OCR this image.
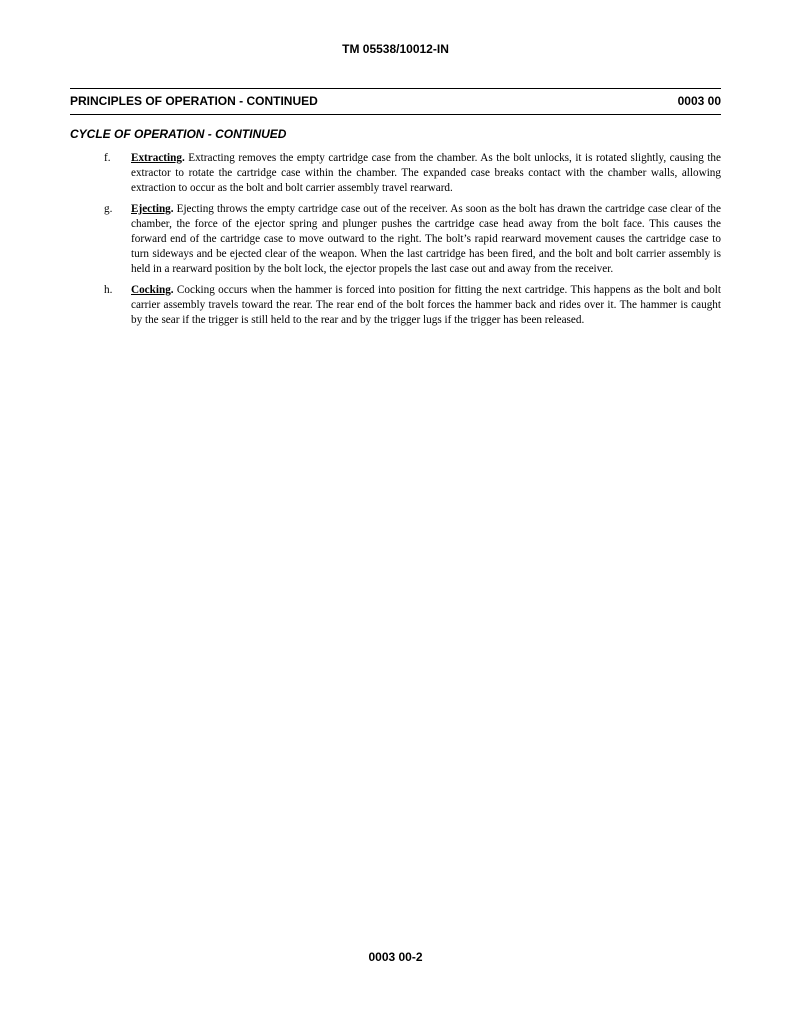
TM 05538/10012-IN
PRINCIPLES OF OPERATION - CONTINUED	0003 00
CYCLE OF OPERATION - CONTINUED
f. Extracting. Extracting removes the empty cartridge case from the chamber. As the bolt unlocks, it is rotated slightly, causing the extractor to rotate the cartridge case within the chamber. The expanded case breaks contact with the chamber walls, allowing extraction to occur as the bolt and bolt carrier assembly travel rearward.
g. Ejecting. Ejecting throws the empty cartridge case out of the receiver. As soon as the bolt has drawn the cartridge case clear of the chamber, the force of the ejector spring and plunger pushes the cartridge case head away from the bolt face. This causes the forward end of the cartridge case to move outward to the right. The bolt’s rapid rearward movement causes the cartridge case to turn sideways and be ejected clear of the weapon. When the last cartridge has been fired, and the bolt and bolt carrier assembly is held in a rearward position by the bolt lock, the ejector propels the last case out and away from the receiver.
h. Cocking. Cocking occurs when the hammer is forced into position for fitting the next cartridge. This happens as the bolt and bolt carrier assembly travels toward the rear. The rear end of the bolt forces the hammer back and rides over it. The hammer is caught by the sear if the trigger is still held to the rear and by the trigger lugs if the trigger has been released.
0003 00-2
